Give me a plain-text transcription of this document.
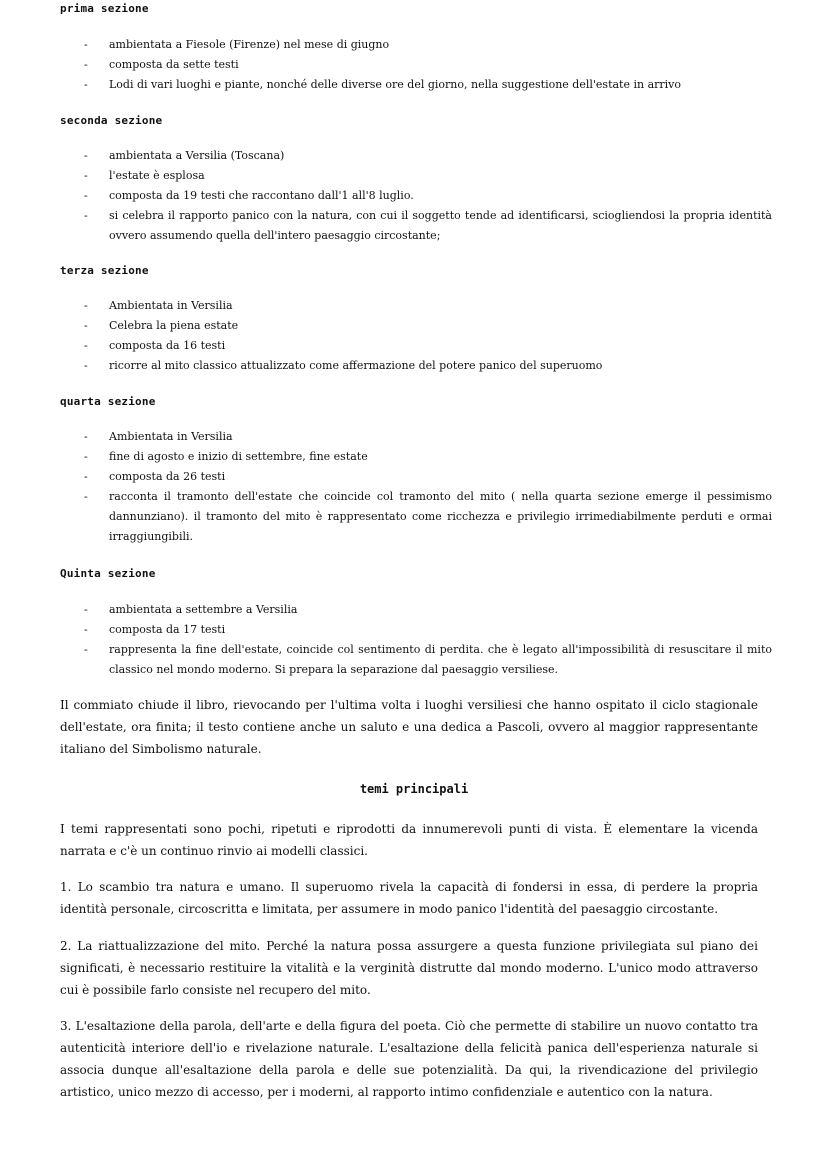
prima sezione
- ambientata a Fiesole (Firenze) nel mese di giugno
- composta da sette testi
- Lodi di vari luoghi e piante, nonché delle diverse ore del giorno, nella suggestione dell'estate in arrivo
seconda sezione
- ambientata a Versilia (Toscana)
- l'estate è esplosa
- composta da 19 testi che raccontano dall'1 all'8 luglio.
- si celebra il rapporto panico con la natura, con cui il soggetto tende ad identificarsi, sciogliendosi la propria identità ovvero assumendo quella dell'intero paesaggio circostante;
terza sezione
- Ambientata in Versilia
- Celebra la piena estate
- composta da 16 testi
- ricorre al mito classico attualizzato come affermazione del potere panico del superuomo
quarta sezione
- Ambientata in Versilia
- fine di agosto e inizio di settembre, fine estate
- composta da 26 testi
- racconta il tramonto dell'estate che coincide col tramonto del mito ( nella quarta sezione emerge il pessimismo dannunziano). il tramonto del mito è rappresentato come ricchezza e privilegio irrimediabilmente perduti e ormai irraggiungibili.
Quinta sezione
- ambientata a settembre a Versilia
- composta da 17 testi
- rappresenta la fine dell'estate, coincide col sentimento di perdita. che è legato all'impossibilità di resuscitare il mito classico nel mondo moderno. Si prepara la separazione dal paesaggio versiliese.
Il commiato chiude il libro, rievocando per l'ultima volta i luoghi versiliesi che hanno ospitato il ciclo stagionale dell'estate, ora finita; il testo contiene anche un saluto e una dedica a Pascoli, ovvero al maggior rappresentante italiano del Simbolismo naturale.
temi principali
I temi rappresentati sono pochi, ripetuti e riprodotti da innumerevoli punti di vista. È elementare la vicenda narrata e c'è un continuo rinvio ai modelli classici.
1. Lo scambio tra natura e umano. Il superuomo rivela la capacità di fondersi in essa, di perdere la propria identità personale, circoscritta e limitata, per assumere in modo panico l'identità del paesaggio circostante.
2. La riattualizzazione del mito. Perché la natura possa assurgere a questa funzione privilegiata sul piano dei significati, è necessario restituire la vitalità e la verginità distrutte dal mondo moderno. L'unico modo attraverso cui è possibile farlo consiste nel recupero del mito.
3. L'esaltazione della parola, dell'arte e della figura del poeta. Ciò che permette di stabilire un nuovo contatto tra autenticità interiore dell'io e rivelazione naturale. L'esaltazione della felicità panica dell'esperienza naturale si associa dunque all'esaltazione della parola e delle sue potenzialità. Da qui, la rivendicazione del privilegio artistico, unico mezzo di accesso, per i moderni, al rapporto intimo confidenziale e autentico con la natura.
